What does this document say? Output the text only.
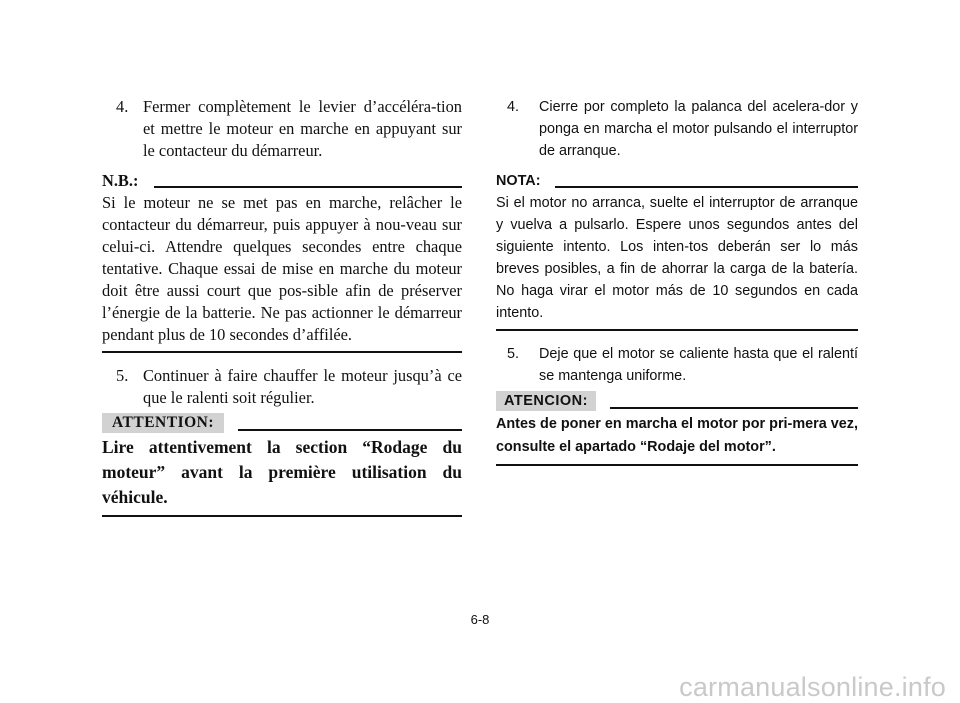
4. Fermer complètement le levier d’accéléra-tion et mettre le moteur en marche en appuyant sur le contacteur du démarreur.
N.B.:
Si le moteur ne se met pas en marche, relâcher le contacteur du démarreur, puis appuyer à nou-veau sur celui-ci. Attendre quelques secondes entre chaque tentative. Chaque essai de mise en marche du moteur doit être aussi court que pos-sible afin de préserver l’énergie de la batterie. Ne pas actionner le démarreur pendant plus de 10 secondes d’affilée.
5. Continuer à faire chauffer le moteur jusqu’à ce que le ralenti soit régulier.
ATTENTION:
Lire attentivement la section “Rodage du moteur” avant la première utilisation du véhicule.
4.	Cierre por completo la palanca del acelera-dor y ponga en marcha el motor pulsando el interruptor de arranque.
NOTA:
Si el motor no arranca, suelte el interruptor de arranque y vuelva a pulsarlo. Espere unos segundos antes del siguiente intento. Los inten-tos deberán ser lo más breves posibles, a fin de ahorrar la carga de la batería. No haga virar el motor más de 10 segundos en cada intento.
5.	Deje que el motor se caliente hasta que el ralentí se mantenga uniforme.
ATENCION:
Antes de poner en marcha el motor por pri-mera vez, consulte el apartado “Rodaje del motor”.
6-8
carmanualsonline.info
